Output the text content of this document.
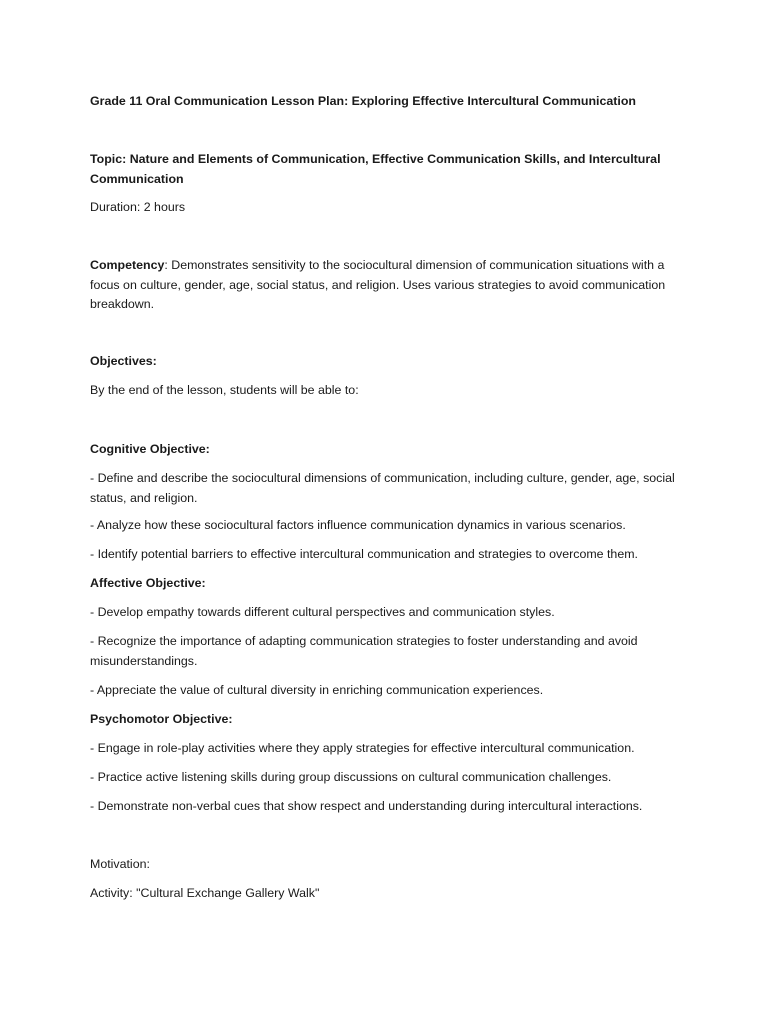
Grade 11 Oral Communication Lesson Plan: Exploring Effective Intercultural Communication

Topic: Nature and Elements of Communication, Effective Communication Skills, and Intercultural Communication

Duration: 2 hours

Competency: Demonstrates sensitivity to the sociocultural dimension of communication situations with a focus on culture, gender, age, social status, and religion. Uses various strategies to avoid communication breakdown.

Objectives:

By the end of the lesson, students will be able to:

Cognitive Objective:

- Define and describe the sociocultural dimensions of communication, including culture, gender, age, social status, and religion.

- Analyze how these sociocultural factors influence communication dynamics in various scenarios.

- Identify potential barriers to effective intercultural communication and strategies to overcome them.

Affective Objective:

- Develop empathy towards different cultural perspectives and communication styles.

- Recognize the importance of adapting communication strategies to foster understanding and avoid misunderstandings.

- Appreciate the value of cultural diversity in enriching communication experiences.

Psychomotor Objective:

- Engage in role-play activities where they apply strategies for effective intercultural communication.

- Practice active listening skills during group discussions on cultural communication challenges.

- Demonstrate non-verbal cues that show respect and understanding during intercultural interactions.

Motivation:

Activity: "Cultural Exchange Gallery Walk"
